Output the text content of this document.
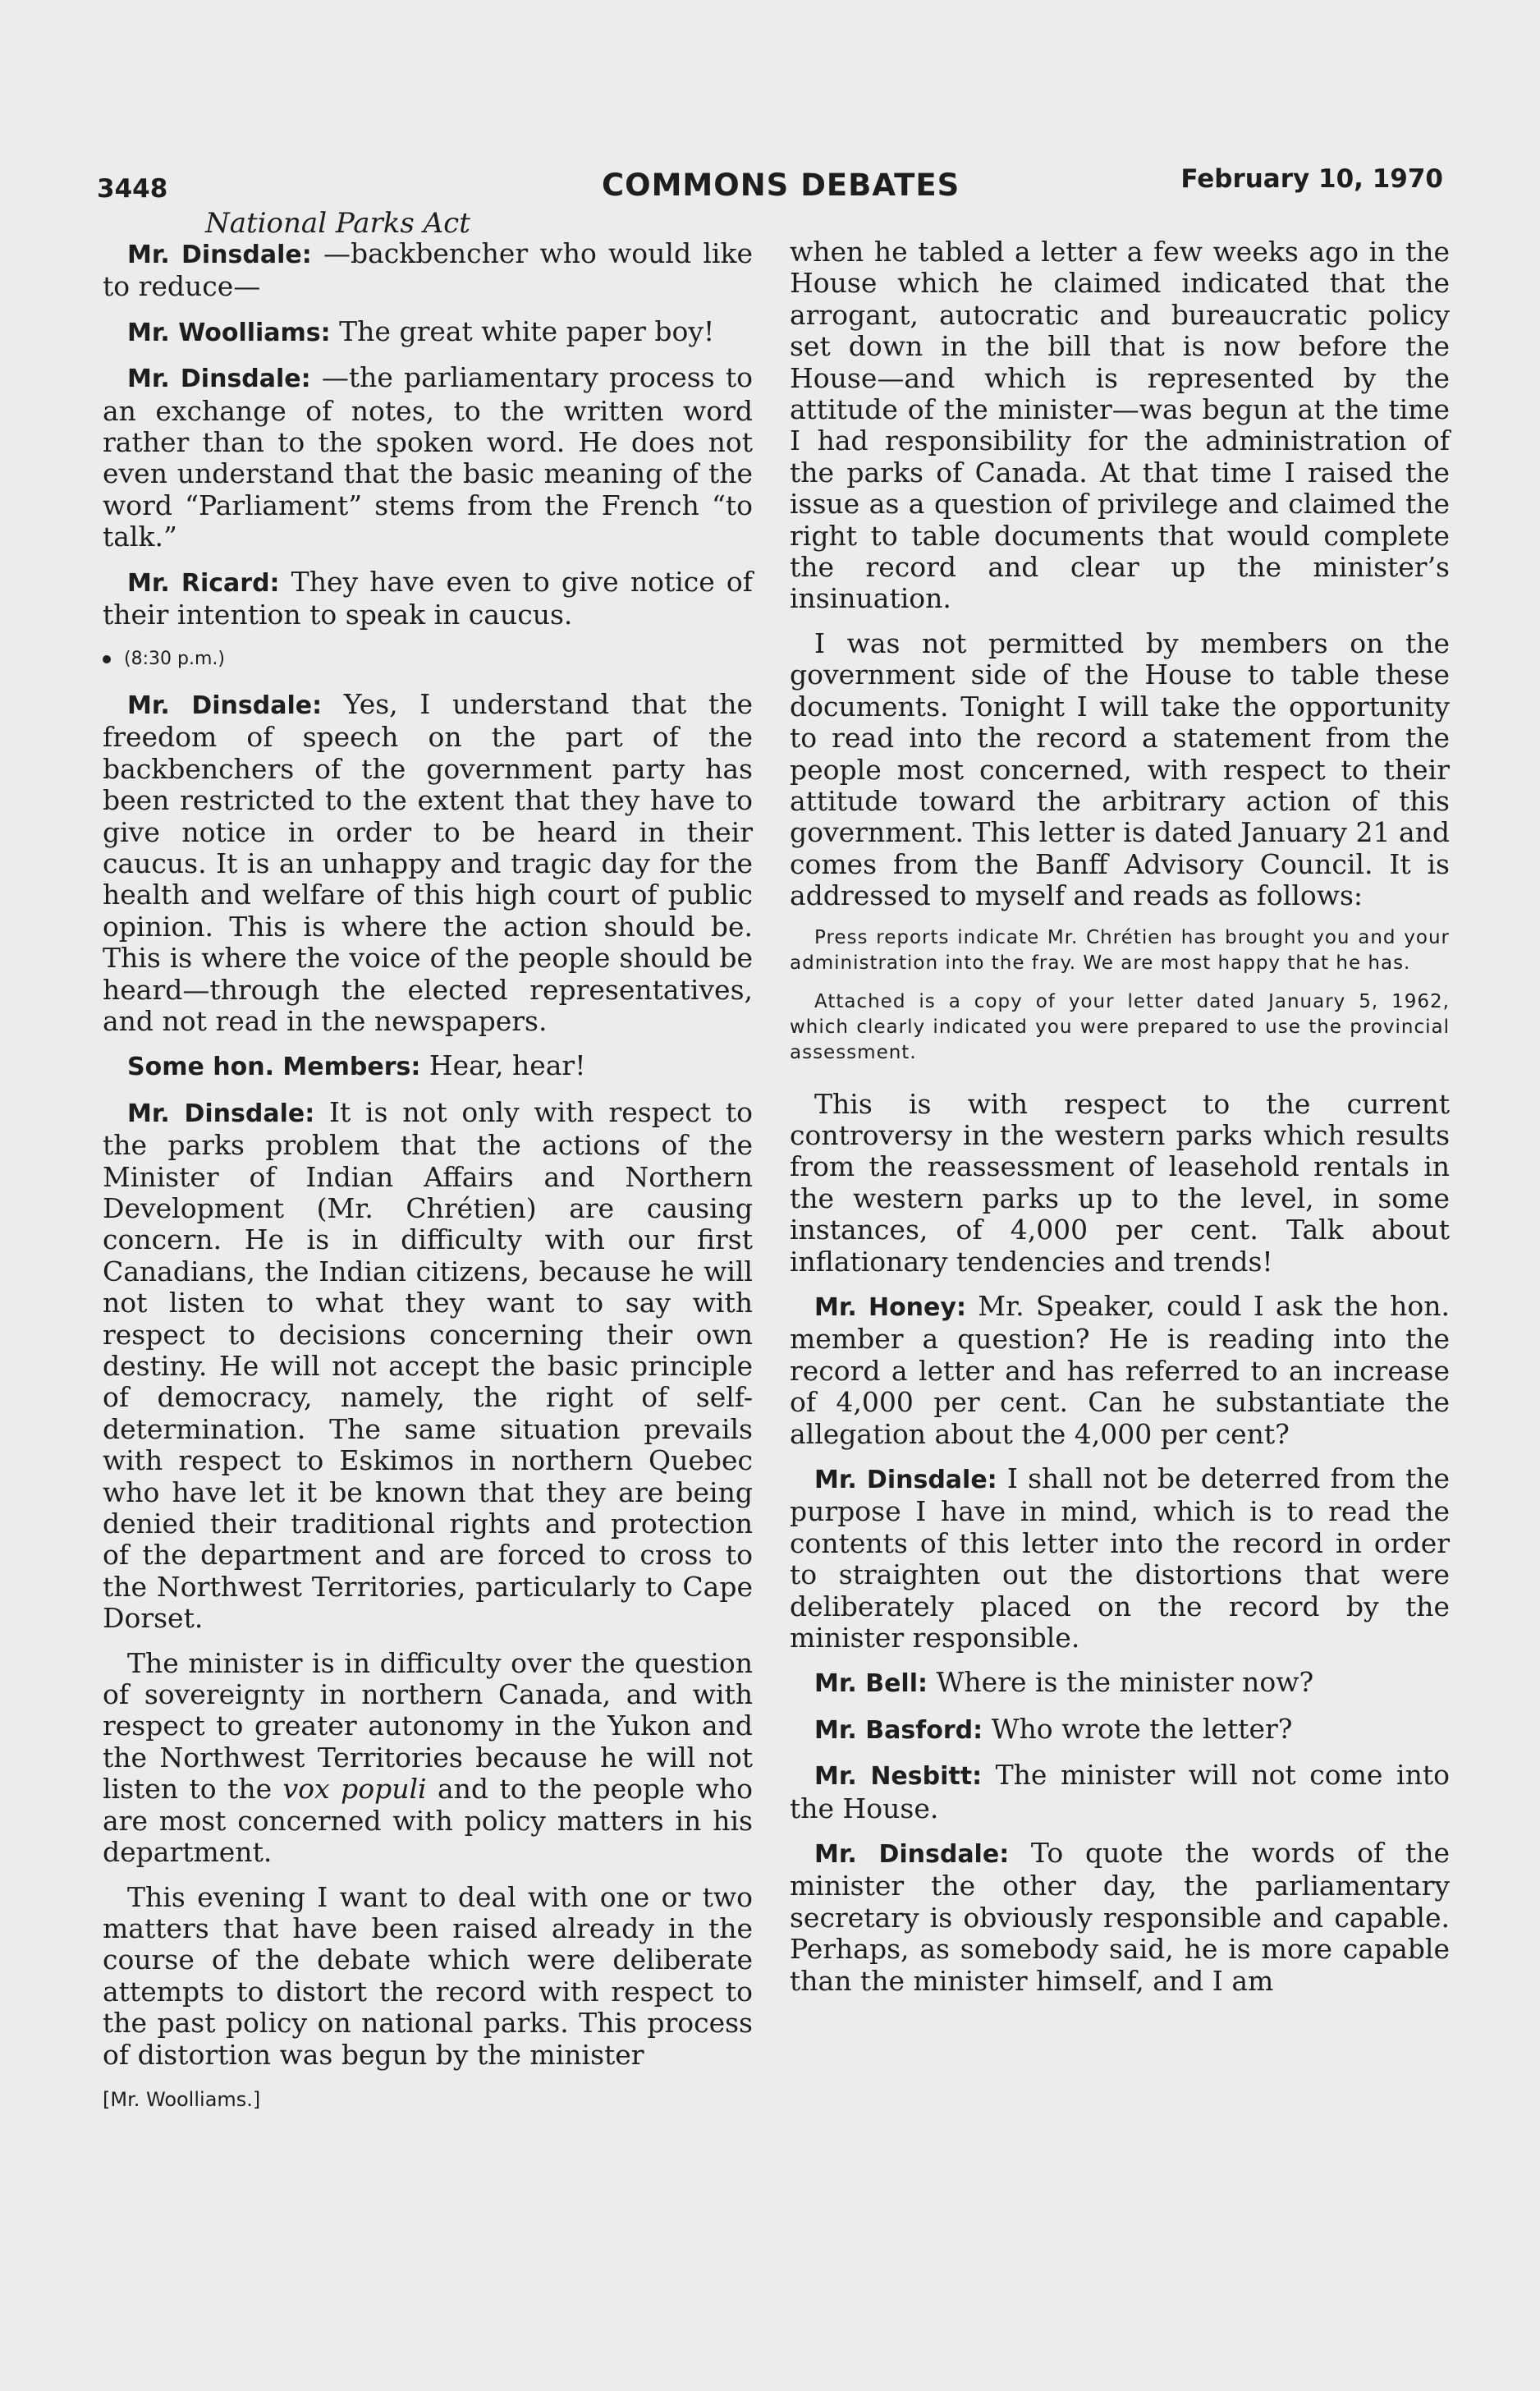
3448	COMMONS DEBATES	February 10, 1970
National Parks Act

Mr. Dinsdale: —backbencher who would like to reduce—

Mr. Woolliams: The great white paper boy!

Mr. Dinsdale: —the parliamentary process to an exchange of notes, to the written word rather than to the spoken word. He does not even understand that the basic meaning of the word “Parliament” stems from the French “to talk.”

Mr. Ricard: They have even to give notice of their intention to speak in caucus.

(8:30 p.m.)

Mr. Dinsdale: Yes, I understand that the freedom of speech on the part of the backbenchers of the government party has been restricted to the extent that they have to give notice in order to be heard in their caucus. It is an unhappy and tragic day for the health and welfare of this high court of public opinion. This is where the action should be. This is where the voice of the people should be heard—through the elected representatives, and not read in the newspapers.

Some hon. Members: Hear, hear!

Mr. Dinsdale: It is not only with respect to the parks problem that the actions of the Minister of Indian Affairs and Northern Development (Mr. Chrétien) are causing concern. He is in difficulty with our first Canadians, the Indian citizens, because he will not listen to what they want to say with respect to decisions concerning their own destiny. He will not accept the basic principle of democracy, namely, the right of self-determination. The same situation prevails with respect to Eskimos in northern Quebec who have let it be known that they are being denied their traditional rights and protection of the department and are forced to cross to the Northwest Territories, particularly to Cape Dorset.

The minister is in difficulty over the question of sovereignty in northern Canada, and with respect to greater autonomy in the Yukon and the Northwest Territories because he will not listen to the vox populi and to the people who are most concerned with policy matters in his department.

This evening I want to deal with one or two matters that have been raised already in the course of the debate which were deliberate attempts to distort the record with respect to the past policy on national parks. This process of distortion was begun by the minister

[Mr. Woolliams.]

when he tabled a letter a few weeks ago in the House which he claimed indicated that the arrogant, autocratic and bureaucratic policy set down in the bill that is now before the House—and which is represented by the attitude of the minister—was begun at the time I had responsibility for the administration of the parks of Canada. At that time I raised the issue as a question of privilege and claimed the right to table documents that would complete the record and clear up the minister’s insinuation.

I was not permitted by members on the government side of the House to table these documents. Tonight I will take the opportunity to read into the record a statement from the people most concerned, with respect to their attitude toward the arbitrary action of this government. This letter is dated January 21 and comes from the Banff Advisory Council. It is addressed to myself and reads as follows:

Press reports indicate Mr. Chrétien has brought you and your administration into the fray. We are most happy that he has.

Attached is a copy of your letter dated January 5, 1962, which clearly indicated you were prepared to use the provincial assessment.

This is with respect to the current controversy in the western parks which results from the reassessment of leasehold rentals in the western parks up to the level, in some instances, of 4,000 per cent. Talk about inflationary tendencies and trends!

Mr. Honey: Mr. Speaker, could I ask the hon. member a question? He is reading into the record a letter and has referred to an increase of 4,000 per cent. Can he substantiate the allegation about the 4,000 per cent?

Mr. Dinsdale: I shall not be deterred from the purpose I have in mind, which is to read the contents of this letter into the record in order to straighten out the distortions that were deliberately placed on the record by the minister responsible.

Mr. Bell: Where is the minister now?

Mr. Basford: Who wrote the letter?

Mr. Nesbitt: The minister will not come into the House.

Mr. Dinsdale: To quote the words of the minister the other day, the parliamentary secretary is obviously responsible and capable. Perhaps, as somebody said, he is more capable than the minister himself, and I am
